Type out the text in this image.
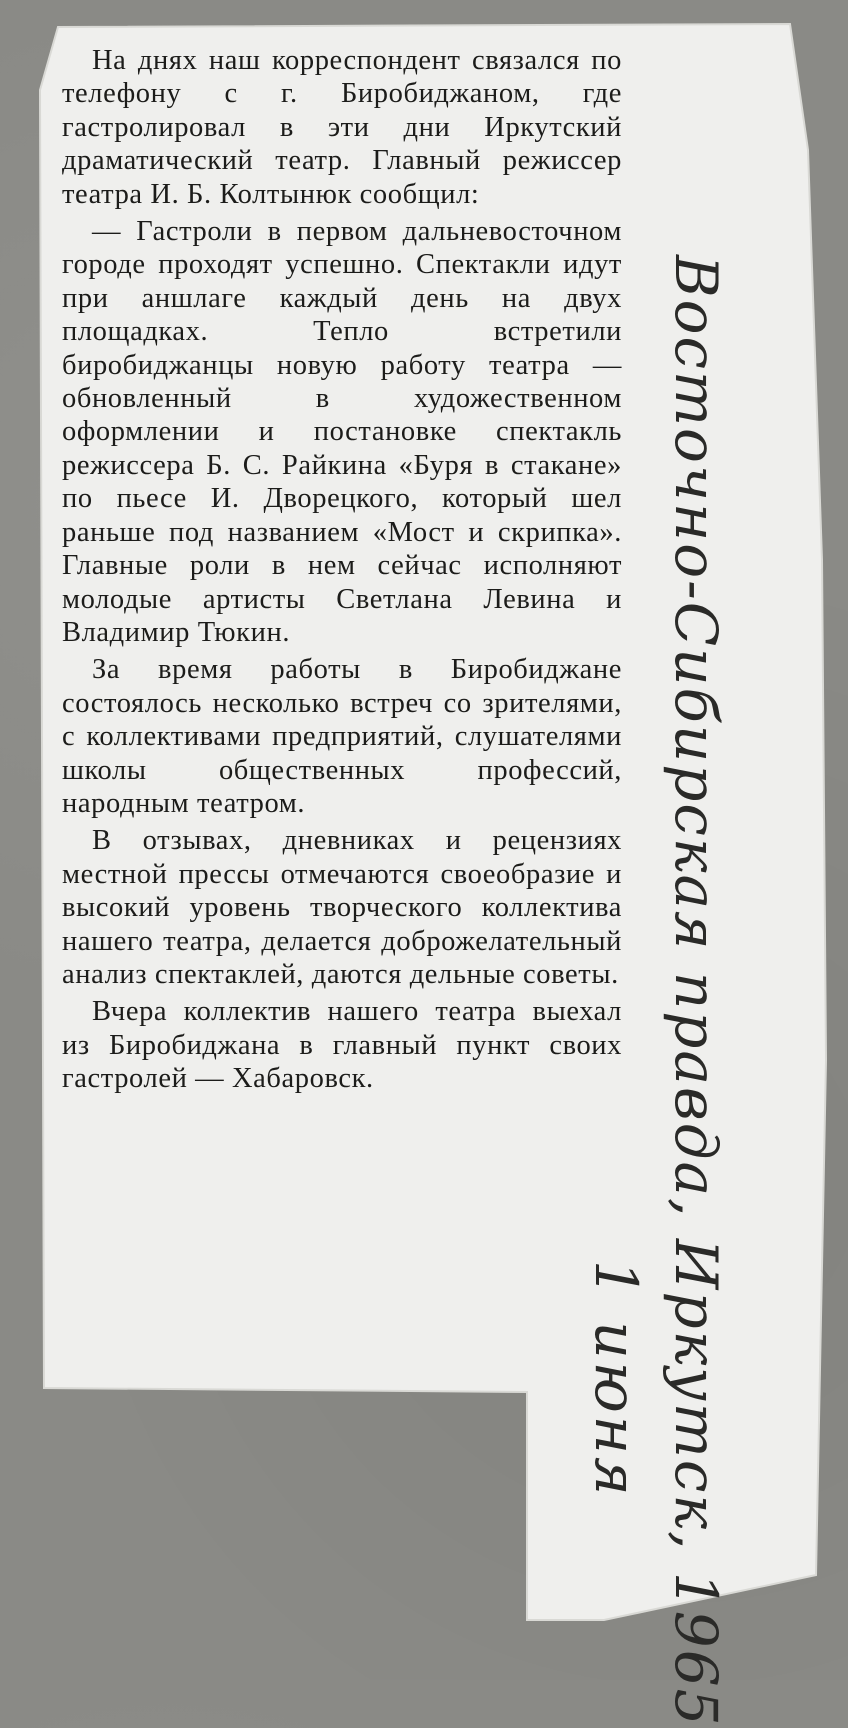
На днях наш корреспондент связался по телефону с г. Биробиджаном, где гастролировал в эти дни Иркутский драматический театр. Главный режиссер театра И. Б. Колтынюк сообщил:

— Гастроли в первом дальневосточном городе проходят успешно. Спектакли идут при аншлаге каждый день на двух площадках. Тепло встретили биробиджанцы новую работу театра — обновленный в художественном оформлении и постановке спектакль режиссера Б. С. Райкина «Буря в стакане» по пьесе И. Дворецкого, который шел раньше под названием «Мост и скрипка». Главные роли в нем сейчас исполняют молодые артисты Светлана Левина и Владимир Тюкин.

За время работы в Биробиджане состоялось несколько встреч со зрителями, с коллективами предприятий, слушателями школы общественных профессий, народным театром.

В отзывах, дневниках и рецензиях местной прессы отмечаются своеобразие и высокий уровень творческого коллектива нашего театра, делается доброжелательный анализ спектаклей, даются дельные советы.

Вчера коллектив нашего театра выехал из Биробиджана в главный пункт своих гастролей — Хабаровск.	Восточно-Сибирская правда, Иркутск, 1965
1 июня
